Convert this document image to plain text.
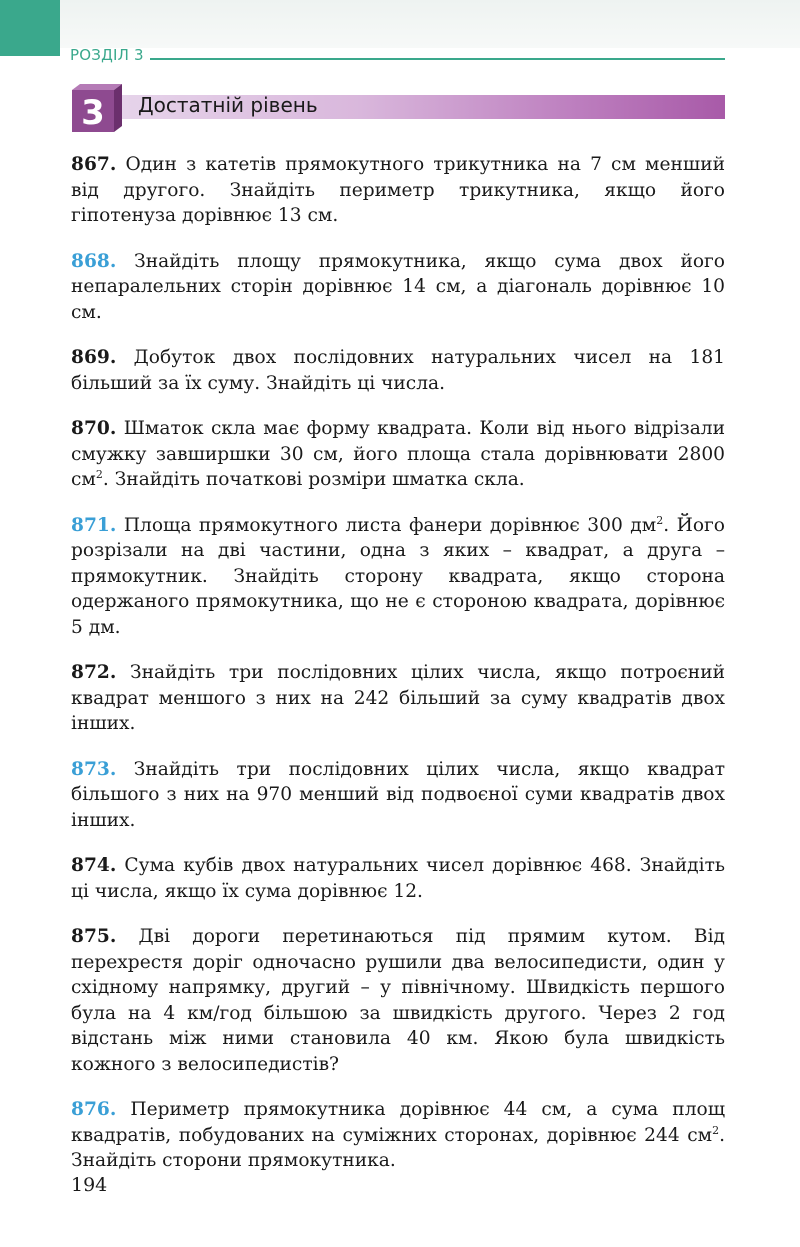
РОЗДІЛ 3
3 Достатній рівень

867. Один з катетів прямокутного трикутника на 7 см менший від другого. Знайдіть периметр трикутника, якщо його гіпотенуза дорівнює 13 см.

868. Знайдіть площу прямокутника, якщо сума двох його непаралельних сторін дорівнює 14 см, а діагональ дорівнює 10 см.

869. Добуток двох послідовних натуральних чисел на 181 більший за їх суму. Знайдіть ці числа.

870. Шматок скла має форму квадрата. Коли від нього відрізали смужку завширшки 30 см, його площа стала дорівнювати 2800 $см^2$. Знайдіть початкові розміри шматка скла.

871. Площа прямокутного листа фанери дорівнює 300 $дм^2$. Його розрізали на дві частини, одна з яких – квадрат, а друга – прямокутник. Знайдіть сторону квадрата, якщо сторона одержаного прямокутника, що не є стороною квадрата, дорівнює 5 дм.

872. Знайдіть три послідовних цілих числа, якщо потроєний квадрат меншого з них на 242 більший за суму квадратів двох інших.

873. Знайдіть три послідовних цілих числа, якщо квадрат більшого з них на 970 менший від подвоєної суми квадратів двох інших.

874. Сума кубів двох натуральних чисел дорівнює 468. Знайдіть ці числа, якщо їх сума дорівнює 12.

875. Дві дороги перетинаються під прямим кутом. Від перехрестя доріг одночасно рушили два велосипедисти, один у східному напрямку, другий – у північному. Швидкість першого була на 4 км/год більшою за швидкість другого. Через 2 год відстань між ними становила 40 км. Якою була швидкість кожного з велосипедистів?

876. Периметр прямокутника дорівнює 44 см, а сума площ квадратів, побудованих на суміжних сторонах, дорівнює 244 $см^2$. Знайдіть сторони прямокутника.

194
